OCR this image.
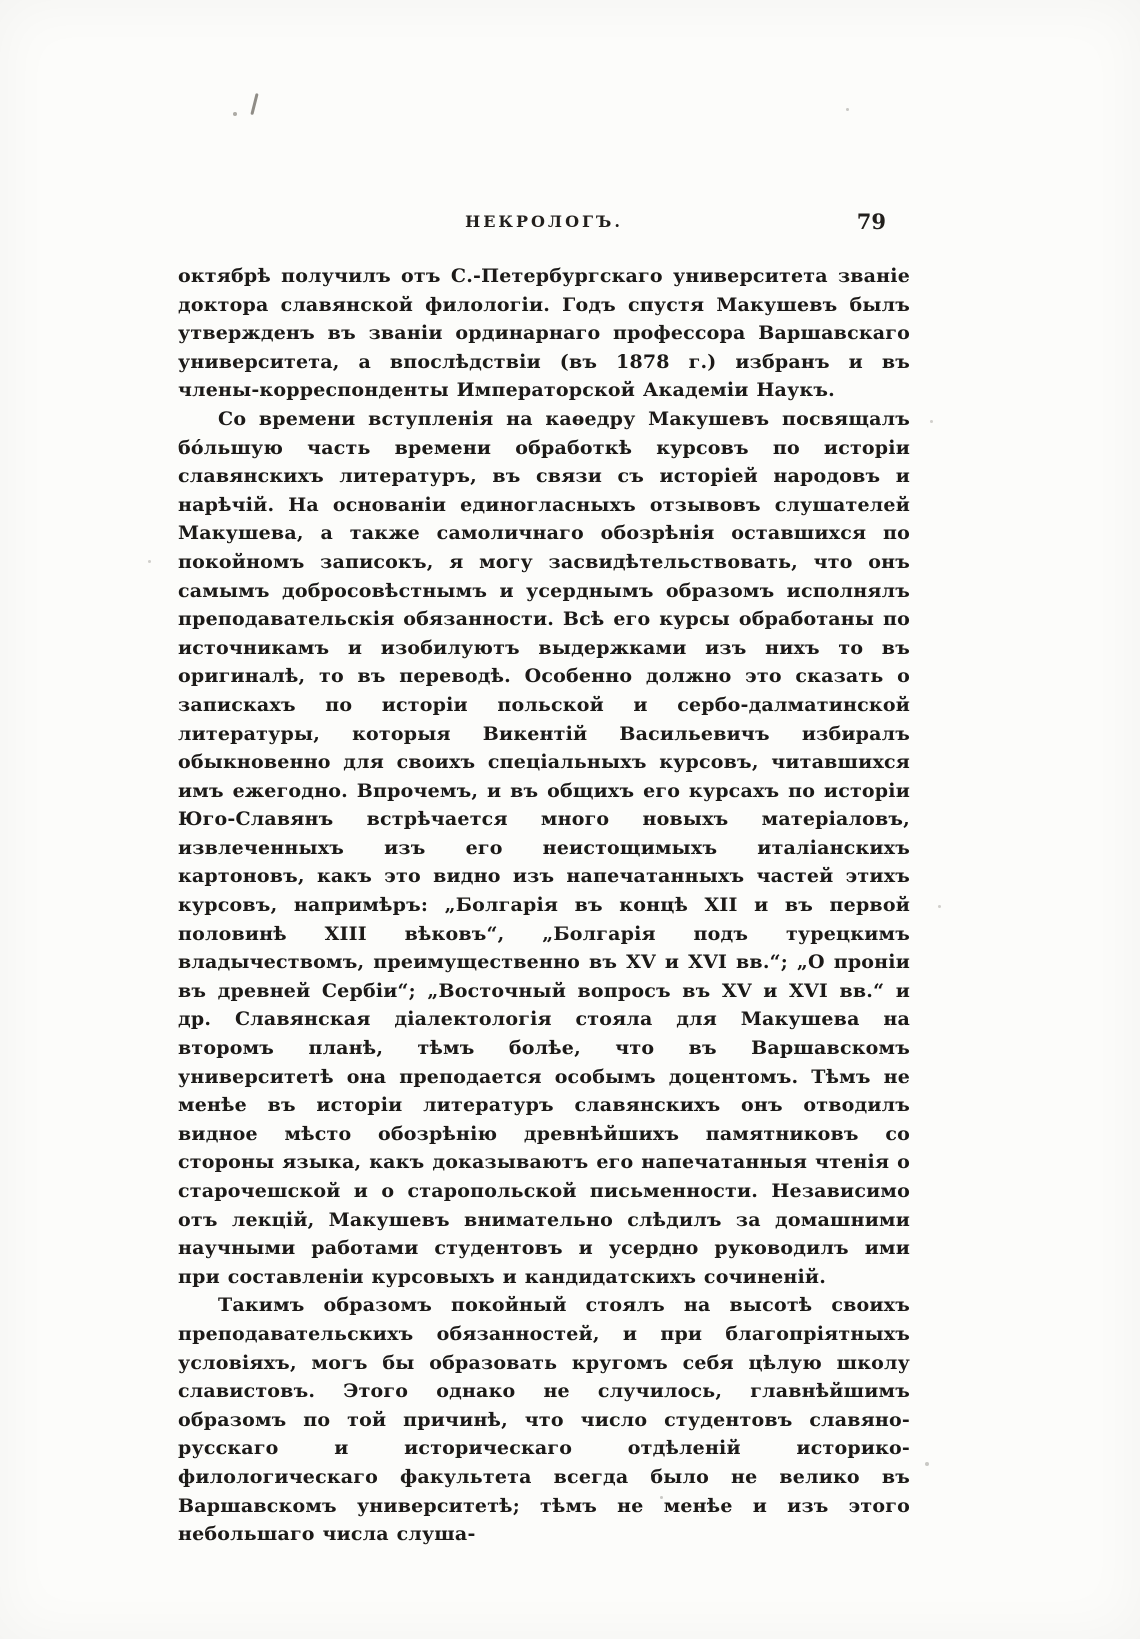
НЕКРОЛОГЪ.	79

октябрѣ получилъ отъ С.-Петербургскаго университета званіе доктора славянской филологіи. Годъ спустя Макушевъ былъ утвержденъ въ званіи ординарнаго профессора Варшавскаго университета, а впослѣдствіи (въ 1878 г.) избранъ и въ члены-корреспонденты Императорской Академіи Наукъ.

Со времени вступленія на каѳедру Макушевъ посвящалъ бо́льшую часть времени обработкѣ курсовъ по исторіи славянскихъ литературъ, въ связи съ исторіей народовъ и нарѣчій. На основаніи единогласныхъ отзывовъ слушателей Макушева, а также самоличнаго обозрѣнія оставшихся по покойномъ записокъ, я могу засвидѣтельствовать, что онъ самымъ добросовѣстнымъ и усерднымъ образомъ исполнялъ преподавательскія обязанности. Всѣ его курсы обработаны по источникамъ и изобилуютъ выдержками изъ нихъ то въ оригиналѣ, то въ переводѣ. Особенно должно это сказать о запискахъ по исторіи польской и сербо-далматинской литературы, которыя Викентій Васильевичъ избиралъ обыкновенно для своихъ спеціальныхъ курсовъ, читавшихся имъ ежегодно. Впрочемъ, и въ общихъ его курсахъ по исторіи Юго-Славянъ встрѣчается много новыхъ матеріаловъ, извлеченныхъ изъ его неистощимыхъ италіанскихъ картоновъ, какъ это видно изъ напечатанныхъ частей этихъ курсовъ, напримѣръ: „Болгарія въ концѣ XII и въ первой половинѣ XIII вѣковъ“, „Болгарія подъ турецкимъ владычествомъ, преимущественно въ XV и XVI вв.“; „О проніи въ древней Сербіи“; „Восточный вопросъ въ XV и XVI вв.“ и др. Славянская діалектологія стояла для Макушева на второмъ планѣ, тѣмъ болѣе, что въ Варшавскомъ университетѣ она преподается особымъ доцентомъ. Тѣмъ не менѣе въ исторіи литературъ славянскихъ онъ отводилъ видное мѣсто обозрѣнію древнѣйшихъ памятниковъ со стороны языка, какъ доказываютъ его напечатанныя чтенія о старочешской и о старопольской письменности. Независимо отъ лекцій, Макушевъ внимательно слѣдилъ за домашними научными работами студентовъ и усердно руководилъ ими при составленіи курсовыхъ и кандидатскихъ сочиненій.

Такимъ образомъ покойный стоялъ на высотѣ своихъ преподавательскихъ обязанностей, и при благопріятныхъ условіяхъ, могъ бы образовать кругомъ себя цѣлую школу славистовъ. Этого однако не случилось, главнѣйшимъ образомъ по той причинѣ, что число студентовъ славяно-русскаго и историческаго отдѣленій историко-филологическаго факультета всегда было не велико въ Варшавскомъ университетѣ; тѣмъ не менѣе и изъ этого небольшаго числа слуша-
